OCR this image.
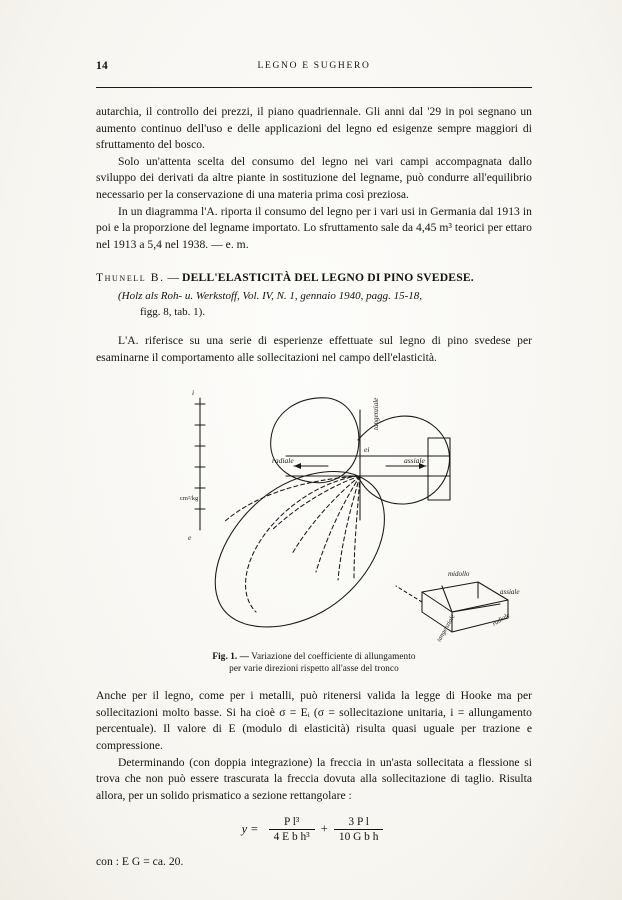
14	LEGNO E SUGHERO

autarchia, il controllo dei prezzi, il piano quadriennale. Gli anni dal '29 in poi segnano un aumento continuo dell'uso e delle applicazioni del legno ed esigenze sempre maggiori di sfruttamento del bosco.

Solo un'attenta scelta del consumo del legno nei vari campi accompagnata dallo sviluppo dei derivati da altre piante in sostituzione del legname, può condurre all'equilibrio necessario per la conservazione di una materia prima così preziosa.

In un diagramma l'A. riporta il consumo del legno per i vari usi in Germania dal 1913 in poi e la proporzione del legname importato. Lo sfruttamento sale da 4,45 m³ teorici per ettaro nel 1913 a 5,4 nel 1938. — e. m.

Thunell B. — DELL'ELASTICITÀ DEL LEGNO DI PINO SVEDESE.
(Holz als Roh- u. Werkstoff, Vol. IV, N. 1, gennaio 1940, pagg. 15-18,
figg. 8, tab. 1).

L'A. riferisce su una serie di esperienze effettuate sul legno di pino svedese per esaminarne il comportamento alle sollecitazioni nel campo dell'elasticità.

radiale	assiale
ei
tangenziale
midollo
assiale
radiale
tangenziale
i
e
cm²/kg
Fig. 1. — Variazione del coefficiente di allungamento
per varie direzioni rispetto all'asse del tronco

Anche per il legno, come per i metalli, può ritenersi valida la legge di Hooke ma per sollecitazioni molto basse. Si ha cioè σ = Eᵢ (σ = sollecitazione unitaria, i = allungamento percentuale). Il valore di E (modulo di elasticità) risulta quasi uguale per trazione e compressione.

Determinando (con doppia integrazione) la freccia in un'asta sollecitata a flessione si trova che non può essere trascurata la freccia dovuta alla sollecitazione di taglio. Risulta allora, per un solido prismatico a sezione rettangolare :

$y = \frac{\text{P l³}}{\text{4 E b h³}} + \frac{\text{3 P l}}{\text{10 G b h}}$

con : E G = ca. 20.
